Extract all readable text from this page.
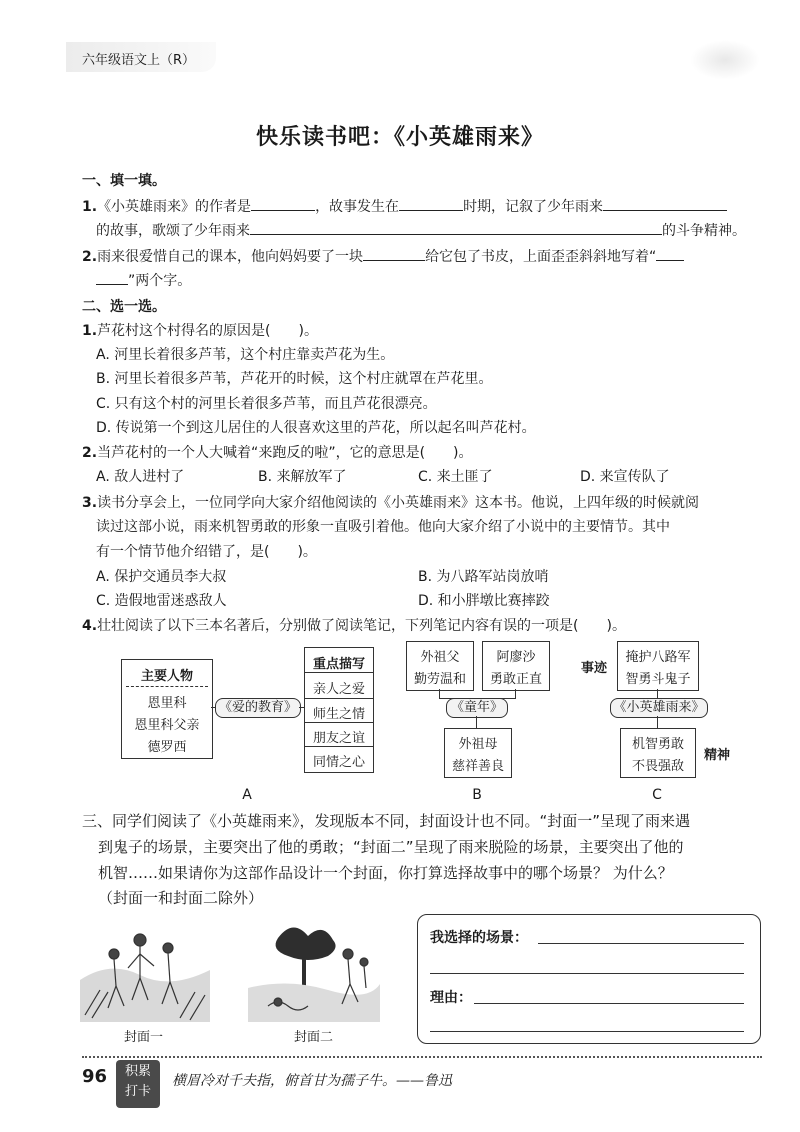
六年级语文上（R）
快乐读书吧：《小英雄雨来》
一、填一填。
1.《小英雄雨来》的作者是	，故事发生在	时期，记叙了少年雨来
的故事，歌颂了少年雨来	的斗争精神。
2.雨来很爱惜自己的课本，他向妈妈要了一块	给它包了书皮，上面歪歪斜斜地写着“
”两个字。
二、选一选。
1.芦花村这个村得名的原因是(　　)。
A. 河里长着很多芦苇，这个村庄靠卖芦花为生。
B. 河里长着很多芦苇，芦花开的时候，这个村庄就罩在芦花里。
C. 只有这个村的河里长着很多芦苇，而且芦花很漂亮。
D. 传说第一个到这儿居住的人很喜欢这里的芦花，所以起名叫芦花村。
2.当芦花村的一个人大喊着“来跑反的啦”，它的意思是(　　)。
A. 敌人进村了	B. 来解放军了	C. 来土匪了	D. 来宣传队了
3.读书分享会上，一位同学向大家介绍他阅读的《小英雄雨来》这本书。他说，上四年级的时候就阅
读过这部小说，雨来机智勇敢的形象一直吸引着他。他向大家介绍了小说中的主要情节。其中
有一个情节他介绍错了，是(　　)。
A. 保护交通员李大叔	B. 为八路军站岗放哨
C. 造假地雷迷惑敌人	D. 和小胖墩比赛摔跤
4.壮壮阅读了以下三本名著后，分别做了阅读笔记，下列笔记内容有误的一项是(　　)。
主要人物
恩里科
恩里科父亲
德罗西
《爱的教育》
重点描写
亲人之爱
师生之情
朋友之谊
同情之心
A
外祖父
勤劳温和
阿廖沙
勇敢正直
《童年》
外祖母
慈祥善良
B
事迹
掩护八路军
智勇斗鬼子
《小英雄雨来》
机智勇敢
不畏强敌
精神
C
三、同学们阅读了《小英雄雨来》，发现版本不同，封面设计也不同。“封面一”呈现了雨来遇
到鬼子的场景，主要突出了他的勇敢；“封面二”呈现了雨来脱险的场景，主要突出了他的
机智……如果请你为这部作品设计一个封面，你打算选择故事中的哪个场景？ 为什么？
（封面一和封面二除外）
封面一	封面二
我选择的场景：
理由：
96	积累
打卡
横眉冷对千夫指，俯首甘为孺子牛。——鲁迅
